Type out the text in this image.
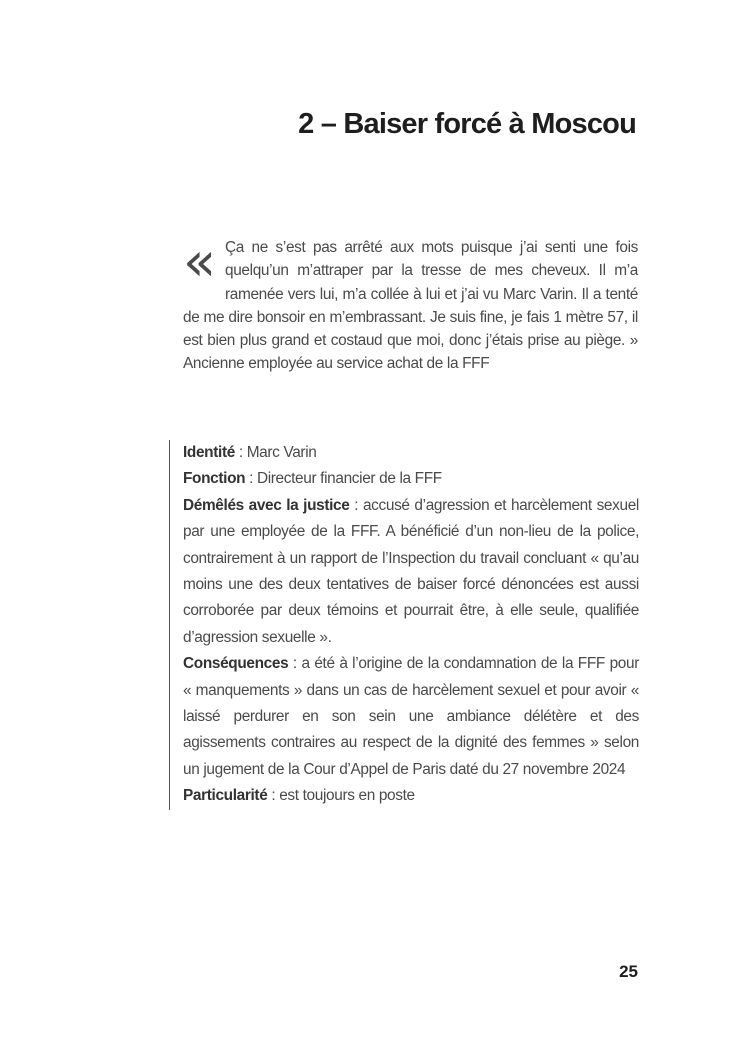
2 – Baiser forcé à Moscou
« Ça ne s’est pas arrêté aux mots puisque j’ai senti une fois quelqu’un m’attraper par la tresse de mes cheveux. Il m’a ramenée vers lui, m’a collée à lui et j’ai vu Marc Varin. Il a tenté de me dire bonsoir en m’embrassant. Je suis fine, je fais 1 mètre 57, il est bien plus grand et costaud que moi, donc j’étais prise au piège. » Ancienne employée au service achat de la FFF

Identité : Marc Varin

Fonction : Directeur financier de la FFF

Démêlés avec la justice : accusé d’agression et harcèlement sexuel par une employée de la FFF. A bénéficié d’un non-lieu de la police, contrairement à un rapport de l’Inspection du travail concluant « qu’au moins une des deux tentatives de baiser forcé dénoncées est aussi corroborée par deux témoins et pourrait être, à elle seule, qualifiée d’agression sexuelle ».

Conséquences : a été à l’origine de la condamnation de la FFF pour « manquements » dans un cas de harcèlement sexuel et pour avoir « laissé perdurer en son sein une ambiance délétère et des agissements contraires au respect de la dignité des femmes » selon un jugement de la Cour d’Appel de Paris daté du 27 novembre 2024

Particularité : est toujours en poste

25
